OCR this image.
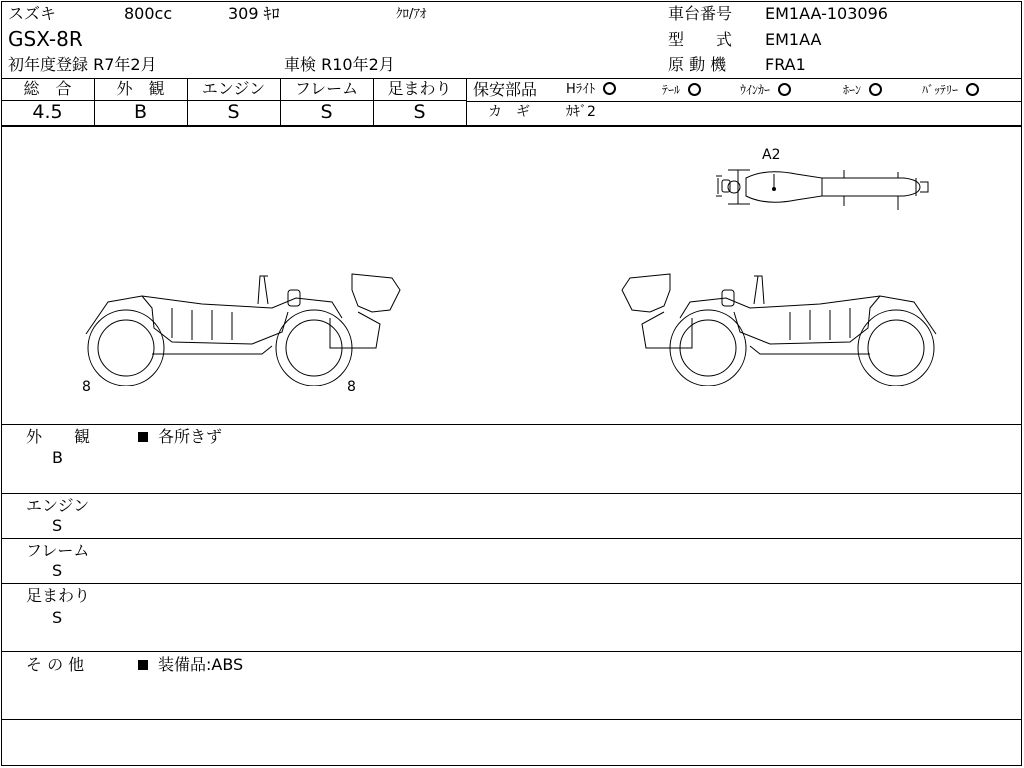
スズキ	800cc	309 ｷﾛ	ｸﾛ/ｱｵ
GSX-8R
初年度登録 R7年2月	車検 R10年2月
車台番号 EM1AA-103096
型　　式 EM1AA
原 動 機 FRA1
総　合	外　観	エンジン	フレーム	足まわり
4.5	B	S	S	S
保安部品 Hﾗｲﾄ	ﾃｰﾙ	ｳｲﾝｶｰ	ﾎｰﾝ	ﾊﾞｯﾃﾘｰ
カ　ギ	ｶｷﾞ2
A2
8	8
外　　観
B
各所きず
エンジン
S
フレーム
S
足まわり
S
そ の 他	装備品:ABS
